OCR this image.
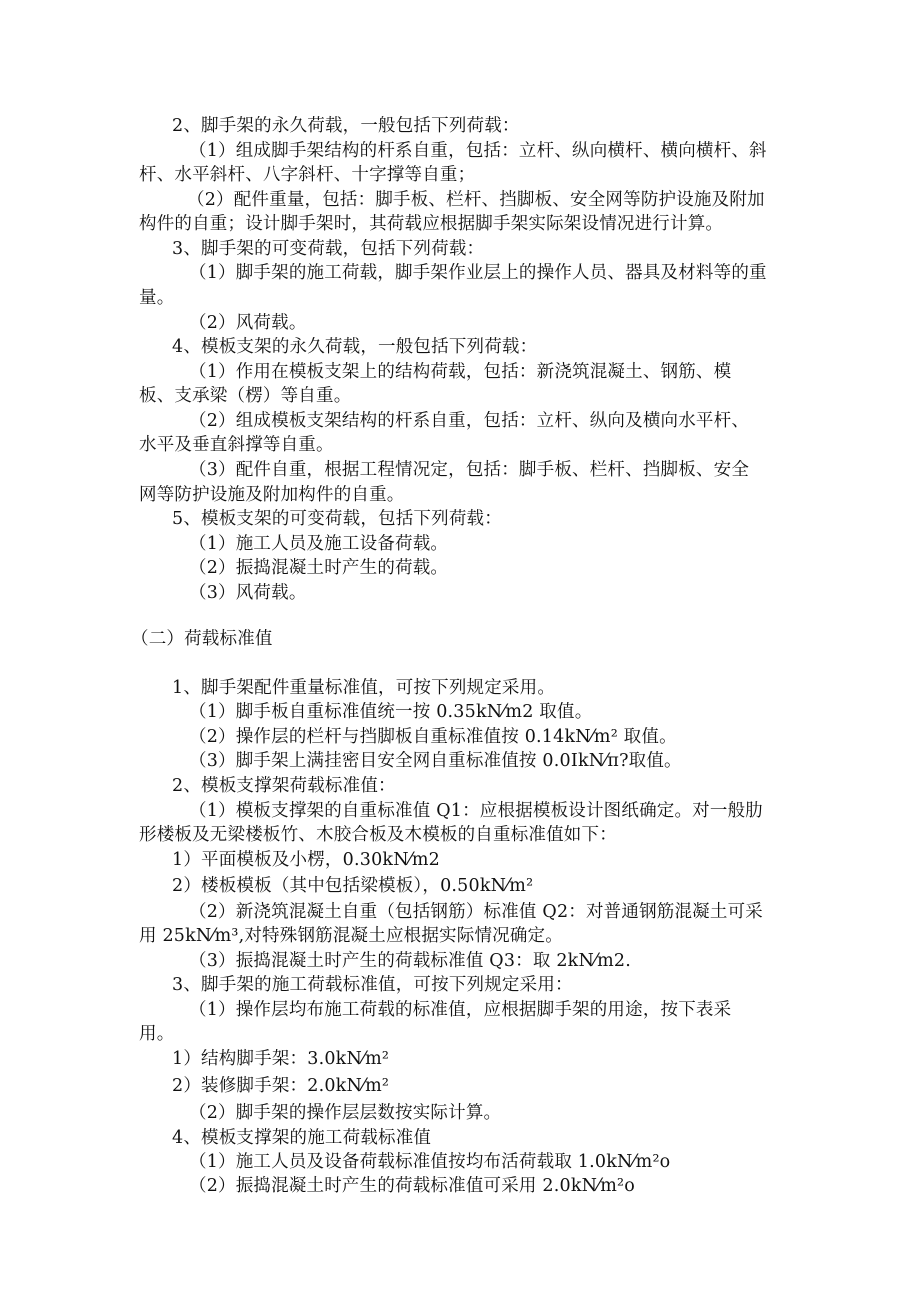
2、脚手架的永久荷载，一般包括下列荷载：
（1）组成脚手架结构的杆系自重，包括：立杆、纵向横杆、横向横杆、斜
杆、水平斜杆、八字斜杆、十字撑等自重；
（2）配件重量，包括：脚手板、栏杆、挡脚板、安全网等防护设施及附加
构件的自重；设计脚手架时，其荷载应根据脚手架实际架设情况进行计算。
3、脚手架的可变荷载，包括下列荷载：
（1）脚手架的施工荷载，脚手架作业层上的操作人员、器具及材料等的重
量。
（2）风荷载。
4、模板支架的永久荷载，一般包括下列荷载：
（1）作用在模板支架上的结构荷载，包括：新浇筑混凝土、钢筋、模
板、支承梁（楞）等自重。
（2）组成模板支架结构的杆系自重，包括：立杆、纵向及横向水平杆、
水平及垂直斜撑等自重。
（3）配件自重，根据工程情况定，包括：脚手板、栏杆、挡脚板、安全
网等防护设施及附加构件的自重。
5、模板支架的可变荷载，包括下列荷载：
（1）施工人员及施工设备荷载。
（2）振捣混凝土时产生的荷载。
（3）风荷载。
（二）荷载标准值
1、脚手架配件重量标准值，可按下列规定采用。
（1）脚手板自重标准值统一按 0.35kN⁄m2 取值。
（2）操作层的栏杆与挡脚板自重标准值按 0.14kN⁄m² 取值。
（3）脚手架上满挂密目安全网自重标准值按 0.0IkN⁄π?取值。
2、模板支撑架荷载标准值：
（1）模板支撑架的自重标准值 Q1：应根据模板设计图纸确定。对一般肋
形楼板及无梁楼板竹、木胶合板及木模板的自重标准值如下：
1）平面模板及小楞，0.30kN⁄m2
2）楼板模板（其中包括梁模板），0.50kN⁄m²
（2）新浇筑混凝土自重（包括钢筋）标准值 Q2：对普通钢筋混凝土可采
用 25kN⁄m³,对特殊钢筋混凝土应根据实际情况确定。
（3）振捣混凝土时产生的荷载标准值 Q3：取 2kN⁄m2.
3、脚手架的施工荷载标准值，可按下列规定采用：
（1）操作层均布施工荷载的标准值，应根据脚手架的用途，按下表采
用。
1）结构脚手架：3.0kN⁄m²
2）装修脚手架：2.0kN⁄m²
（2）脚手架的操作层层数按实际计算。
4、模板支撑架的施工荷载标准值
（1）施工人员及设备荷载标准值按均布活荷载取 1.0kN⁄m²o
（2）振捣混凝土时产生的荷载标准值可采用 2.0kN⁄m²o
